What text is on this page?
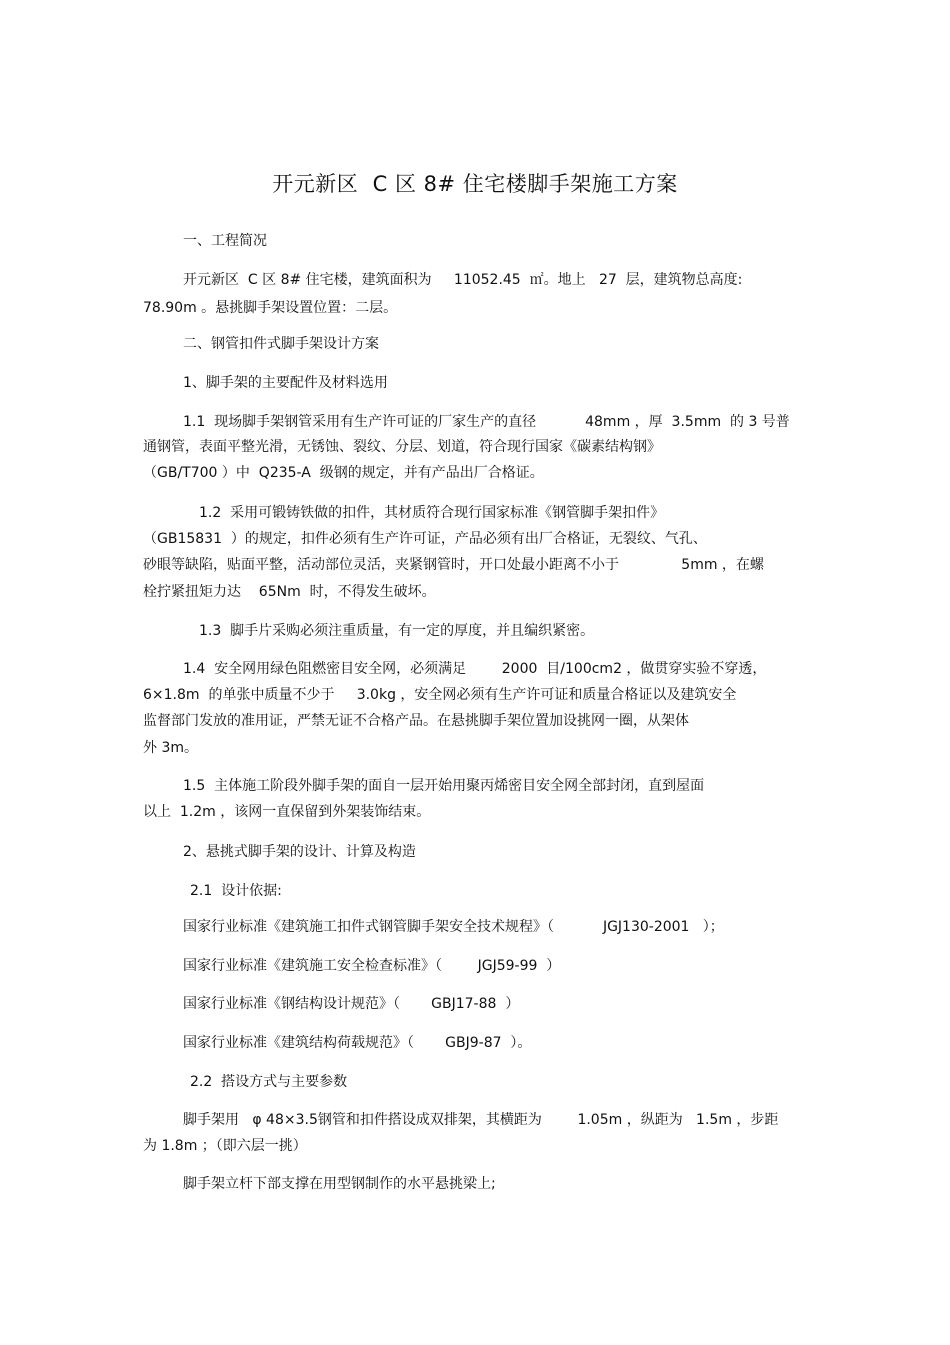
开元新区  C 区 8# 住宅楼脚手架施工方案
一、工程简况
开元新区  C 区 8# 住宅楼，建筑面积为     11052.45  ㎡。地上   27  层，建筑物总高度:
78.90m 。悬挑脚手架设置位置：二层。
二、钢管扣件式脚手架设计方案
1、脚手架的主要配件及材料选用
1.1  现场脚手架钢管采用有生产许可证的厂家生产的直径           48mm ，厚  3.5mm  的 3 号普
通钢管，表面平整光滑，无锈蚀、裂纹、分层、划道，符合现行国家《碳素结构钢》
（GB/T700 ）中  Q235-A  级钢的规定，并有产品出厂合格证。
1.2  采用可锻铸铁做的扣件，其材质符合现行国家标准《钢管脚手架扣件》
（GB15831  ）的规定，扣件必须有生产许可证，产品必须有出厂合格证，无裂纹、气孔、
砂眼等缺陷，贴面平整，活动部位灵活，夹紧钢管时，开口处最小距离不小于              5mm ，在螺
栓拧紧扭矩力达    65Nm  时，不得发生破坏。
1.3  脚手片采购必须注重质量，有一定的厚度，并且编织紧密。
1.4  安全网用绿色阻燃密目安全网，必须满足        2000  目/100cm2 ，做贯穿实验不穿透，
6×1.8m  的单张中质量不少于     3.0kg ，安全网必须有生产许可证和质量合格证以及建筑安全
监督部门发放的准用证，严禁无证不合格产品。在悬挑脚手架位置加设挑网一圈，从架体
外 3m。
1.5  主体施工阶段外脚手架的面自一层开始用聚丙烯密目安全网全部封闭，直到屋面
以上  1.2m ，该网一直保留到外架装饰结束。
2、悬挑式脚手架的设计、计算及构造
2.1  设计依据:
国家行业标准《建筑施工扣件式钢管脚手架安全技术规程》（           JGJ130-2001   ）；
国家行业标准《建筑施工安全检查标准》（        JGJ59-99  ）
国家行业标准《钢结构设计规范》（       GBJ17-88  ）
国家行业标准《建筑结构荷载规范》（       GBJ9-87  ）。
2.2  搭设方式与主要参数
脚手架用   φ 48×3.5钢管和扣件搭设成双排架，其横距为        1.05m ，纵距为   1.5m ，步距
为 1.8m ；（即六层一挑）
脚手架立杆下部支撑在用型钢制作的水平悬挑梁上;
